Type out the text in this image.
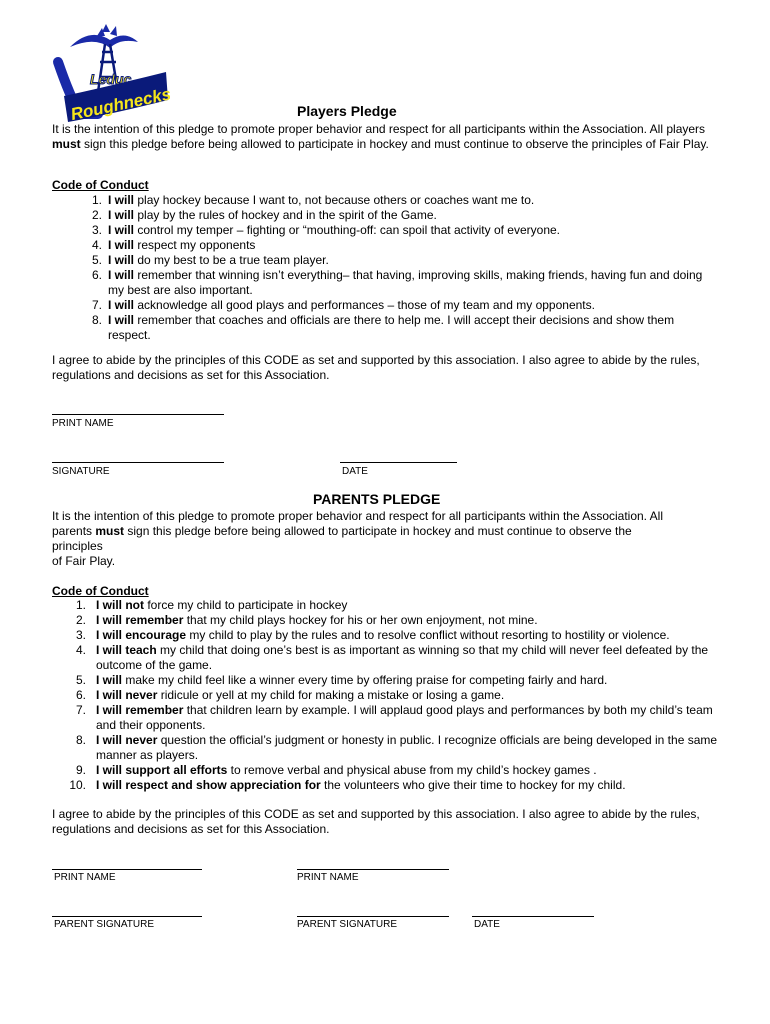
Leduc
Roughnecks	Players Pledge
It is the intention of this pledge to promote proper behavior and respect for all participants within the Association. All players must sign this pledge before being allowed to participate in hockey and must continue to observe the principles of Fair Play.
Code of Conduct
1. I will play hockey because I want to, not because others or coaches want me to.
2. I will play by the rules of hockey and in the spirit of the Game.
3. I will control my temper – fighting or “mouthing-off: can spoil that activity of everyone.
4. I will respect my opponents
5. I will do my best to be a true team player.
6. I will remember that winning isn’t everything– that having, improving skills, making friends, having fun and doing my best are also important.
7. I will acknowledge all good plays and performances – those of my team and my opponents.
8. I will remember that coaches and officials are there to help me. I will accept their decisions and show them respect.
I agree to abide by the principles of this CODE as set and supported by this association. I also agree to abide by the rules, regulations and decisions as set for this Association.
PRINT NAME
SIGNATURE	DATE
PARENTS PLEDGE
It is the intention of this pledge to promote proper behavior and respect for all participants within the Association. All
parents must sign this pledge before being allowed to participate in hockey and must continue to observe the
principles
of Fair Play.
Code of Conduct
1. I will not force my child to participate in hockey
2. I will remember that my child plays hockey for his or her own enjoyment, not mine.
3. I will encourage my child to play by the rules and to resolve conflict without resorting to hostility or violence.
4. I will teach my child that doing one’s best is as important as winning so that my child will never feel defeated by the outcome of the game.
5. I will make my child feel like a winner every time by offering praise for competing fairly and hard.
6. I will never ridicule or yell at my child for making a mistake or losing a game.
7. I will remember that children learn by example. I will applaud good plays and performances by both my child’s team and their opponents.
8. I will never question the official’s judgment or honesty in public. I recognize officials are being developed in the same manner as players.
9. I will support all efforts to remove verbal and physical abuse from my child’s hockey games .
10. I will respect and show appreciation for the volunteers who give their time to hockey for my child.
I agree to abide by the principles of this CODE as set and supported by this association. I also agree to abide by the rules, regulations and decisions as set for this Association.
PRINT NAME	PRINT NAME
PARENT SIGNATURE	PARENT SIGNATURE	DATE
